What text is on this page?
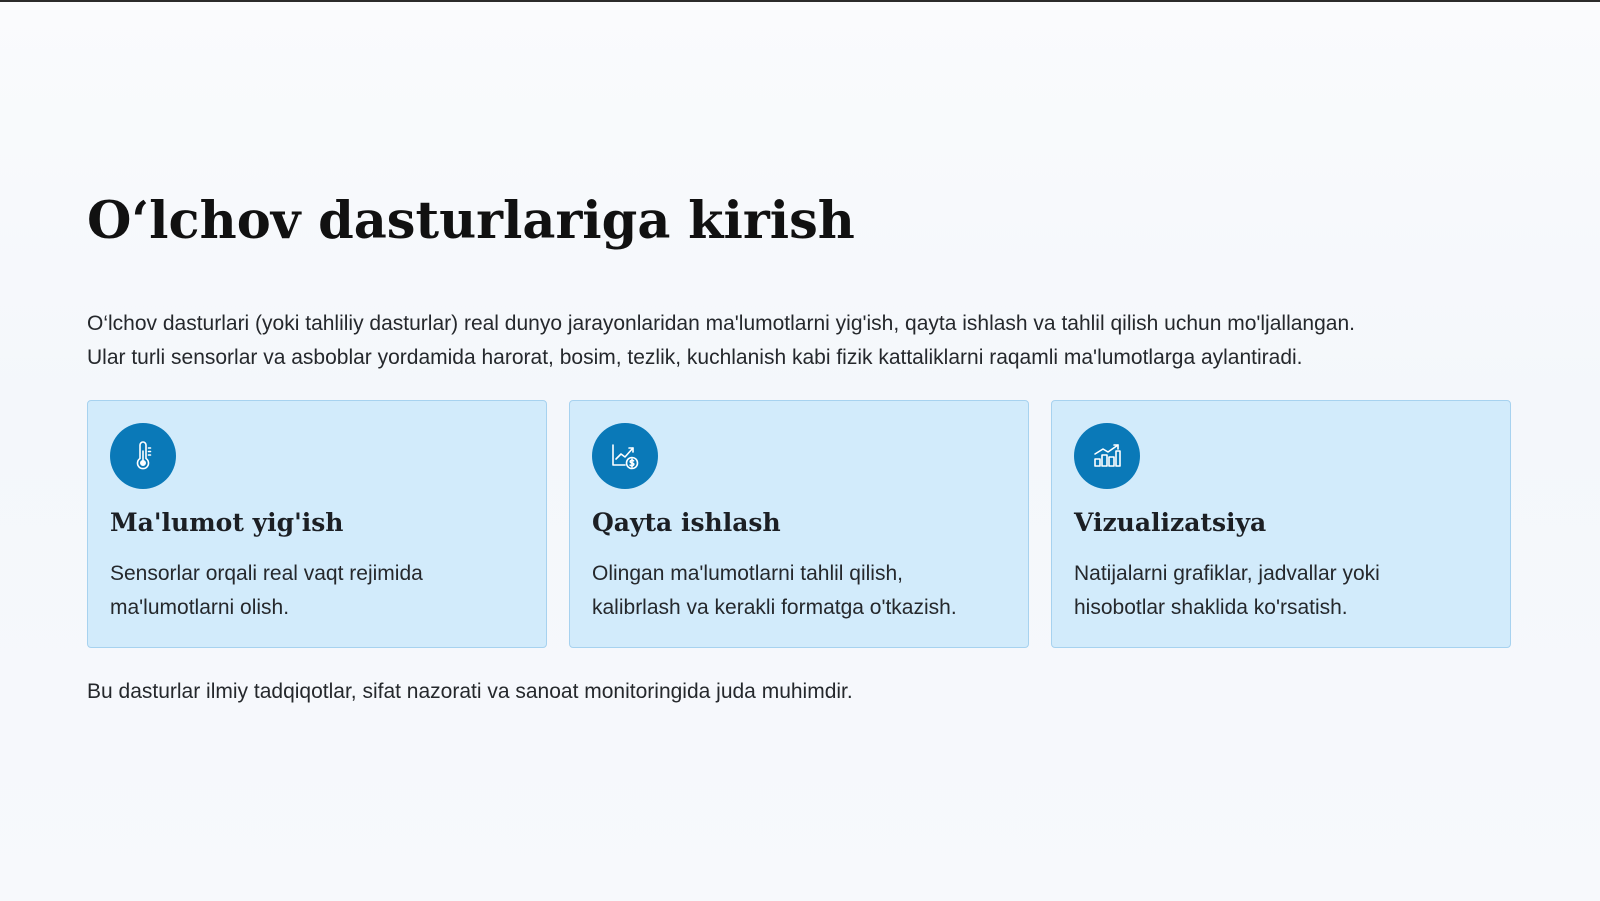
O‘lchov dasturlariga kirish

O‘lchov dasturlari (yoki tahliliy dasturlar) real dunyo jarayonlaridan ma'lumotlarni yig'ish, qayta ishlash va tahlil qilish uchun mo'ljallangan.
Ular turli sensorlar va asboblar yordamida harorat, bosim, tezlik, kuchlanish kabi fizik kattaliklarni raqamli ma'lumotlarga aylantiradi.

Ma'lumot yig'ish

Sensorlar orqali real vaqt rejimida
ma'lumotlarni olish.

Qayta ishlash

Olingan ma'lumotlarni tahlil qilish,
kalibrlash va kerakli formatga o'tkazish.

Vizualizatsiya

Natijalarni grafiklar, jadvallar yoki
hisobotlar shaklida ko'rsatish.

Bu dasturlar ilmiy tadqiqotlar, sifat nazorati va sanoat monitoringida juda muhimdir.
